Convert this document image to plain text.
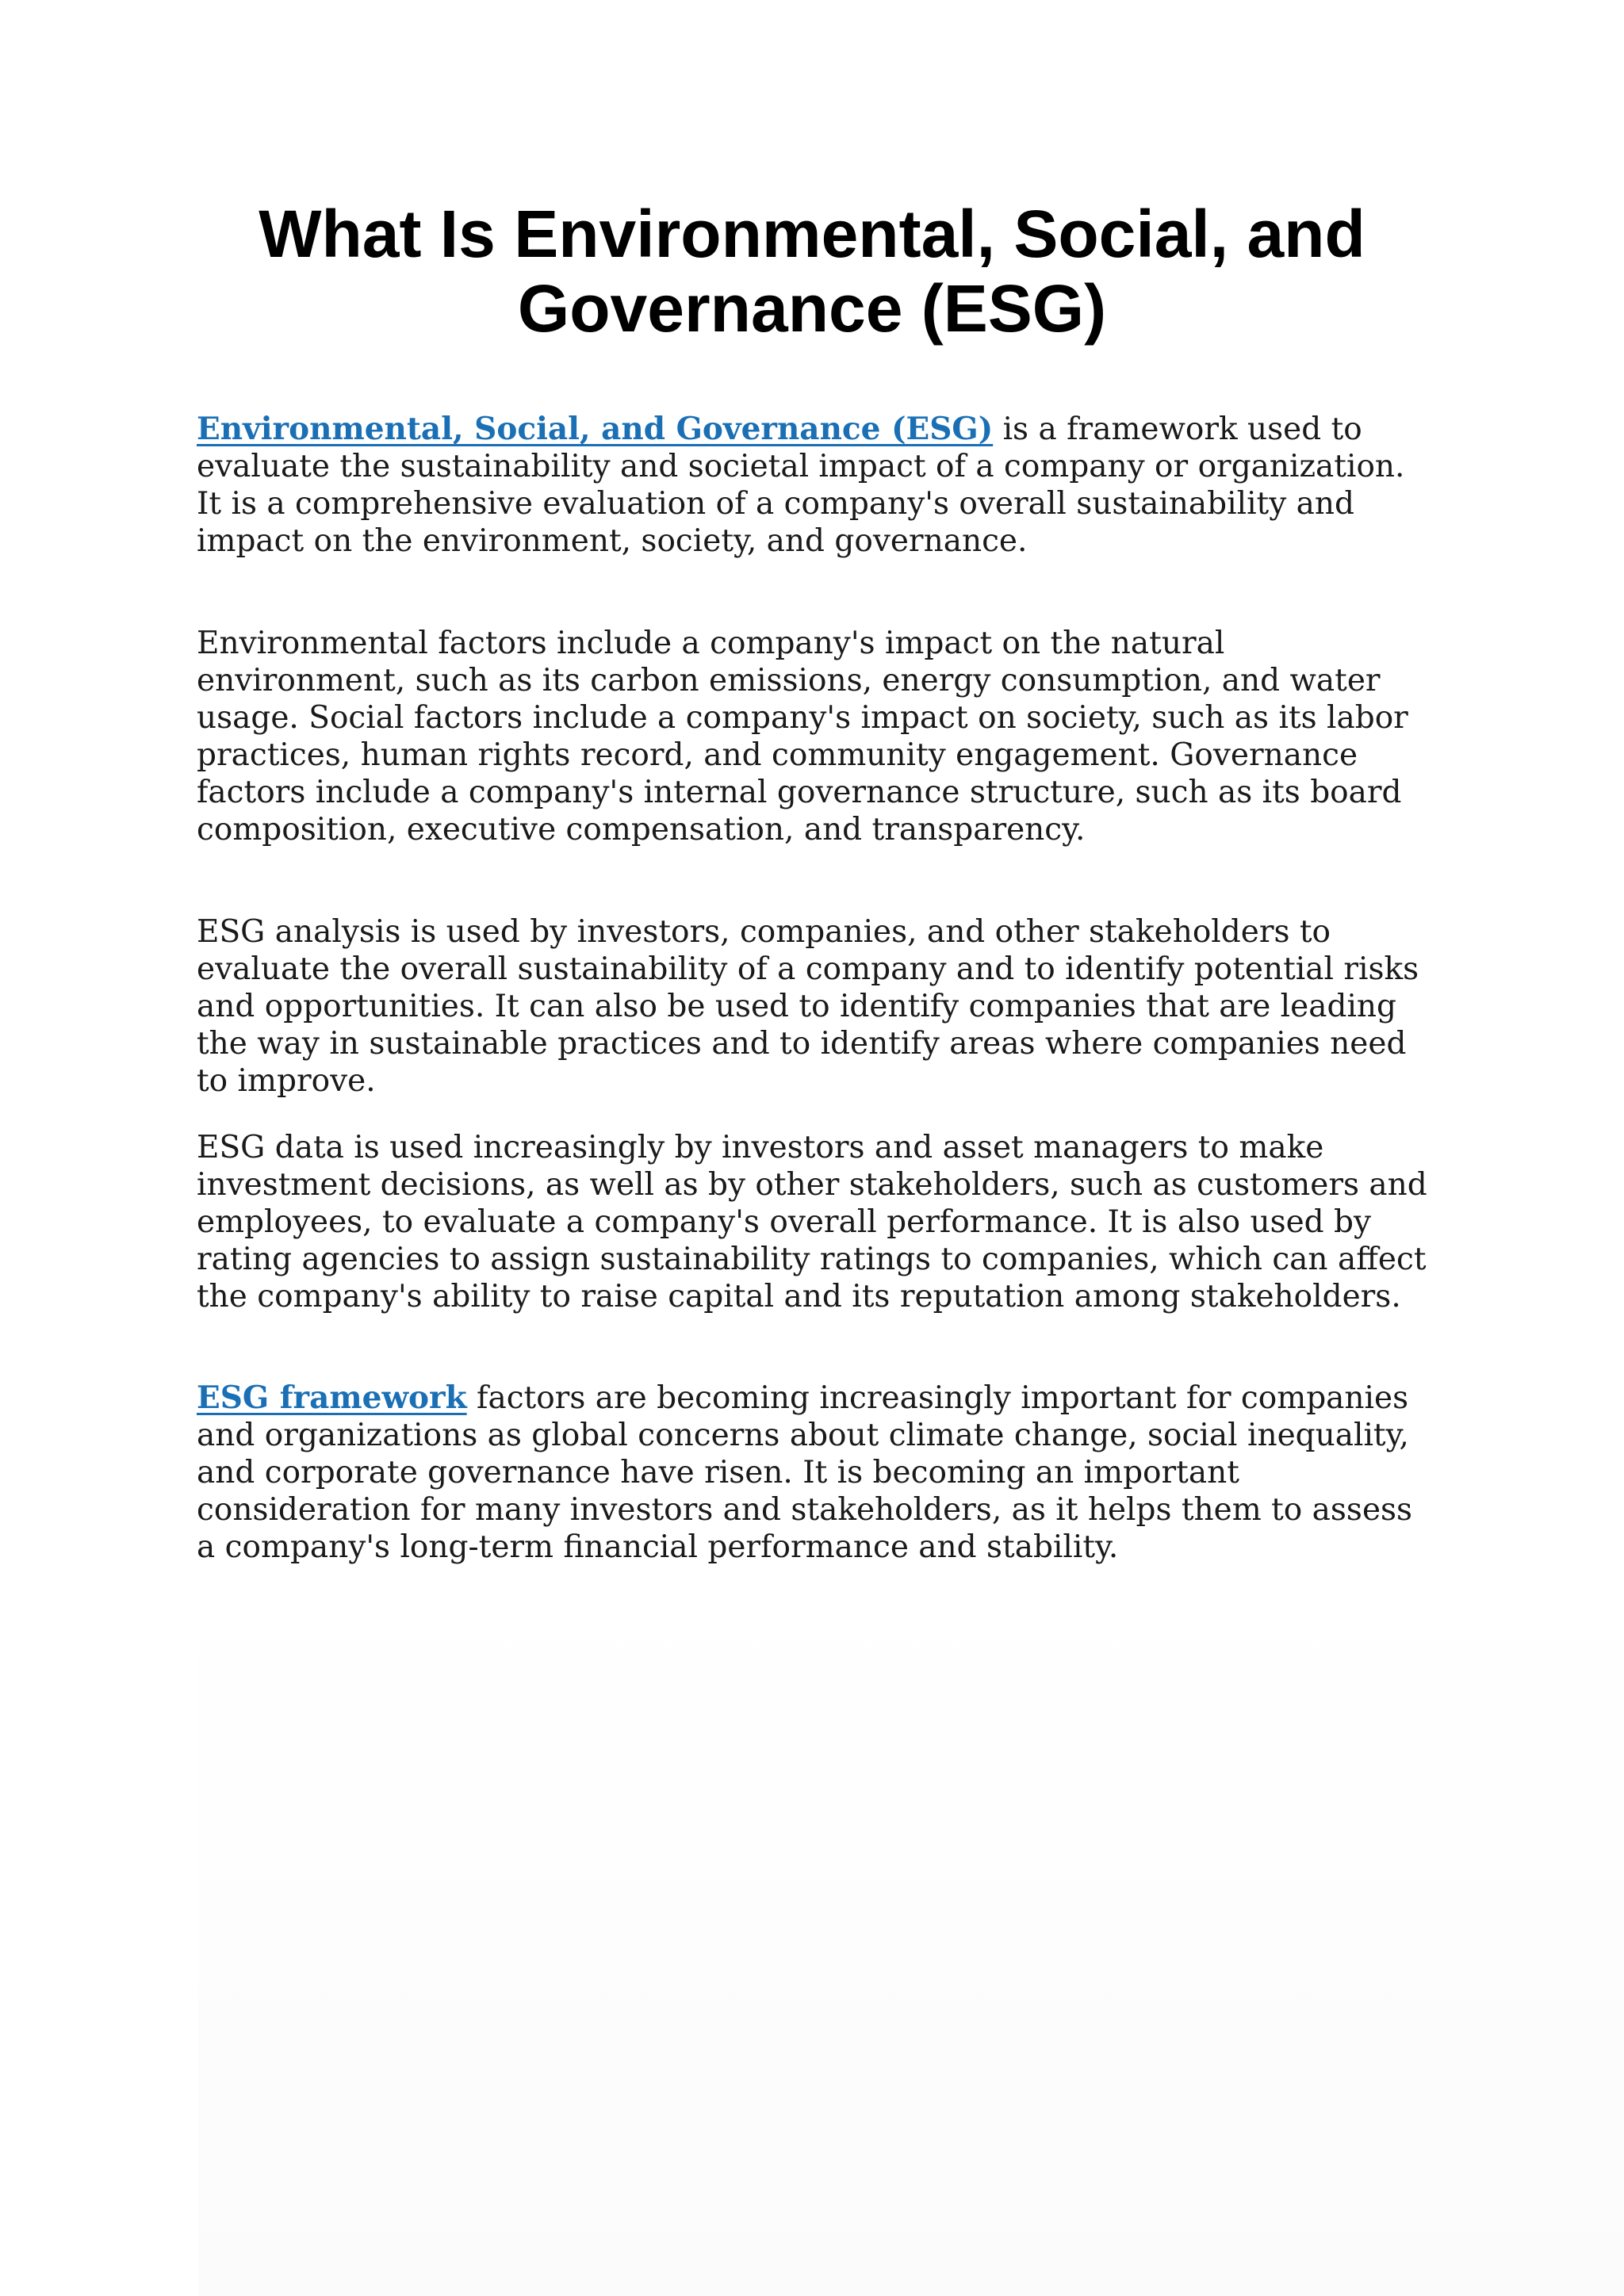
What Is Environmental, Social, and Governance (ESG)

Environmental, Social, and Governance (ESG) is a framework used to evaluate the sustainability and societal impact of a company or organization. It is a comprehensive evaluation of a company's overall sustainability and impact on the environment, society, and governance.

Environmental factors include a company's impact on the natural environment, such as its carbon emissions, energy consumption, and water usage. Social factors include a company's impact on society, such as its labor practices, human rights record, and community engagement. Governance factors include a company's internal governance structure, such as its board composition, executive compensation, and transparency.

ESG analysis is used by investors, companies, and other stakeholders to evaluate the overall sustainability of a company and to identify potential risks and opportunities. It can also be used to identify companies that are leading the way in sustainable practices and to identify areas where companies need to improve.

ESG data is used increasingly by investors and asset managers to make investment decisions, as well as by other stakeholders, such as customers and employees, to evaluate a company's overall performance. It is also used by rating agencies to assign sustainability ratings to companies, which can affect the company's ability to raise capital and its reputation among stakeholders.

ESG framework factors are becoming increasingly important for companies and organizations as global concerns about climate change, social inequality, and corporate governance have risen. It is becoming an important consideration for many investors and stakeholders, as it helps them to assess a company's long-term financial performance and stability.
